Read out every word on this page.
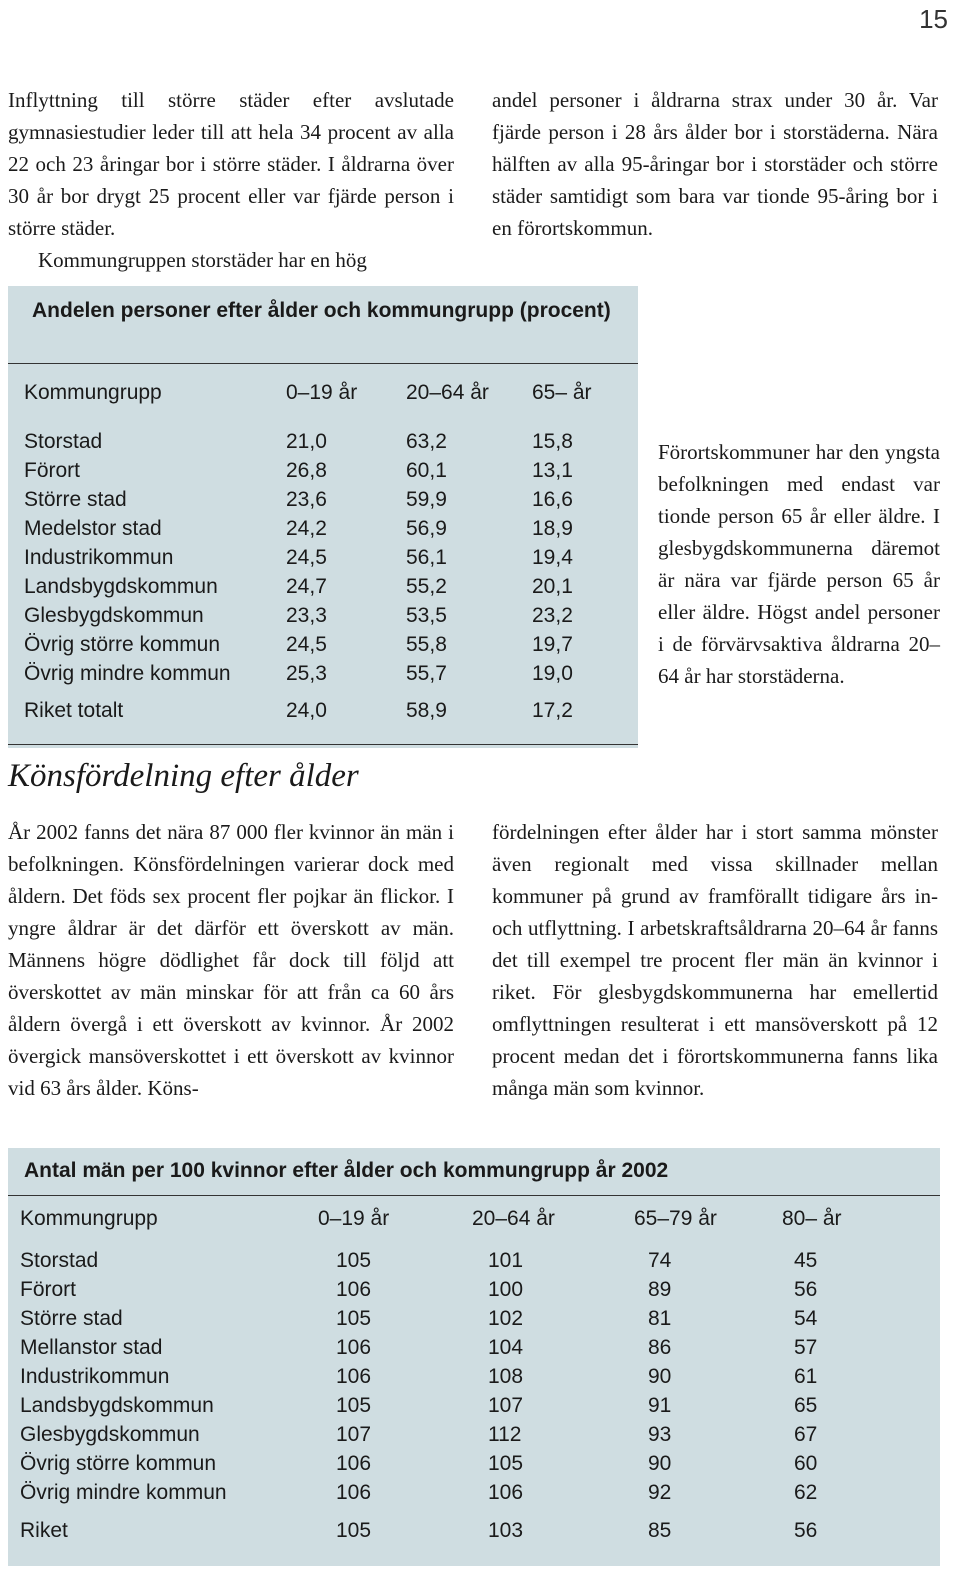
15

Inflyttning till större städer efter avslutade gymnasiestudier leder till att hela 34 procent av alla 22 och 23 åringar bor i större städer. I åldrarna över 30 år bor drygt 25 procent eller var fjärde person i större städer.

Kommungruppen storstäder har en hög

andel personer i åldrarna strax under 30 år. Var fjärde person i 28 års ålder bor i storstäderna. Nära hälften av alla 95-åringar bor i storstäder och större städer samtidigt som bara var tionde 95-åring bor i en förortskommun.

Andelen personer efter ålder och kommungrupp (procent)
Kommungrupp	0–19 år	20–64 år	65– år
Storstad	21,0	63,2	15,8
Förort	26,8	60,1	13,1
Större stad	23,6	59,9	16,6
Medelstor stad	24,2	56,9	18,9
Industrikommun	24,5	56,1	19,4
Landsbygdskommun	24,7	55,2	20,1
Glesbygdskommun	23,3	53,5	23,2
Övrig större kommun	24,5	55,8	19,7
Övrig mindre kommun	25,3	55,7	19,0
Riket totalt	24,0	58,9	17,2

Förortskommuner har den yngsta befolkningen med endast var tionde person 65 år eller äldre. I glesbygdskommunerna däremot är nära var fjärde person 65 år eller äldre. Högst andel personer i de förvärvsaktiva åldrarna 20–64 år har storstäderna.

Könsfördelning efter ålder

År 2002 fanns det nära 87 000 fler kvinnor än män i befolkningen. Könsfördelningen varierar dock med åldern. Det föds sex procent fler pojkar än flickor. I yngre åldrar är det därför ett överskott av män. Männens högre dödlighet får dock till följd att överskottet av män minskar för att från ca 60 års åldern övergå i ett överskott av kvinnor. År 2002 övergick mansöverskottet i ett överskott av kvinnor vid 63 års ålder. Köns-

fördelningen efter ålder har i stort samma mönster även regionalt med vissa skillnader mellan kommuner på grund av framförallt tidigare års in- och utflyttning. I arbetskraftsåldrarna 20–64 år fanns det till exempel tre procent fler män än kvinnor i riket. För glesbygdskommunerna har emellertid omflyttningen resulterat i ett mansöverskott på 12 procent medan det i förortskommunerna fanns lika många män som kvinnor.

Antal män per 100 kvinnor efter ålder och kommungrupp år 2002
Kommungrupp	0–19 år	20–64 år	65–79 år	80– år
Storstad	105	101	74	45
Förort	106	100	89	56
Större stad	105	102	81	54
Mellanstor stad	106	104	86	57
Industrikommun	106	108	90	61
Landsbygdskommun	105	107	91	65
Glesbygdskommun	107	112	93	67
Övrig större kommun	106	105	90	60
Övrig mindre kommun	106	106	92	62
Riket	105	103	85	56
